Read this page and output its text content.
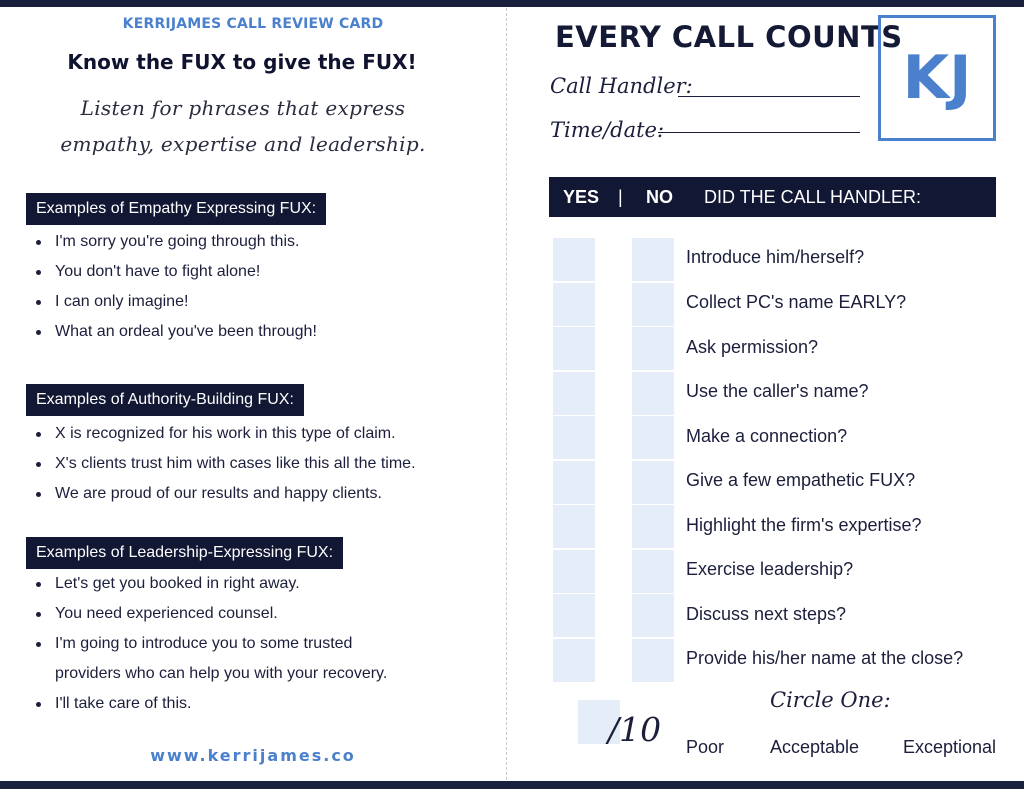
KERRIJAMES CALL REVIEW CARD
Know the FUX to give the FUX!
Listen for phrases that express
empathy, expertise and leadership.
Examples of Empathy Expressing FUX:
I'm sorry you're going through this.
You don't have to fight alone!
I can only imagine!
What an ordeal you've been through!
Examples of Authority-Building FUX:
X is recognized for his work in this type of claim.
X's clients trust him with cases like this all the time.
We are proud of our results and happy clients.
Examples of Leadership-Expressing FUX:
Let's get you booked in right away.
You need experienced counsel.
I'm going to introduce you to some trusted
providers who can help you with your recovery.
I'll take care of this.
www.kerrijames.co
EVERY CALL COUNTS
KJ
Call Handler:
Time/date:
YES | NO DID THE CALL HANDLER:
Introduce him/herself?
Collect PC's name EARLY?
Ask permission?
Use the caller's name?
Make a connection?
Give a few empathetic FUX?
Highlight the firm's expertise?
Exercise leadership?
Discuss next steps?
Provide his/her name at the close?
Circle One:
/10 Poor	Acceptable Exceptional
